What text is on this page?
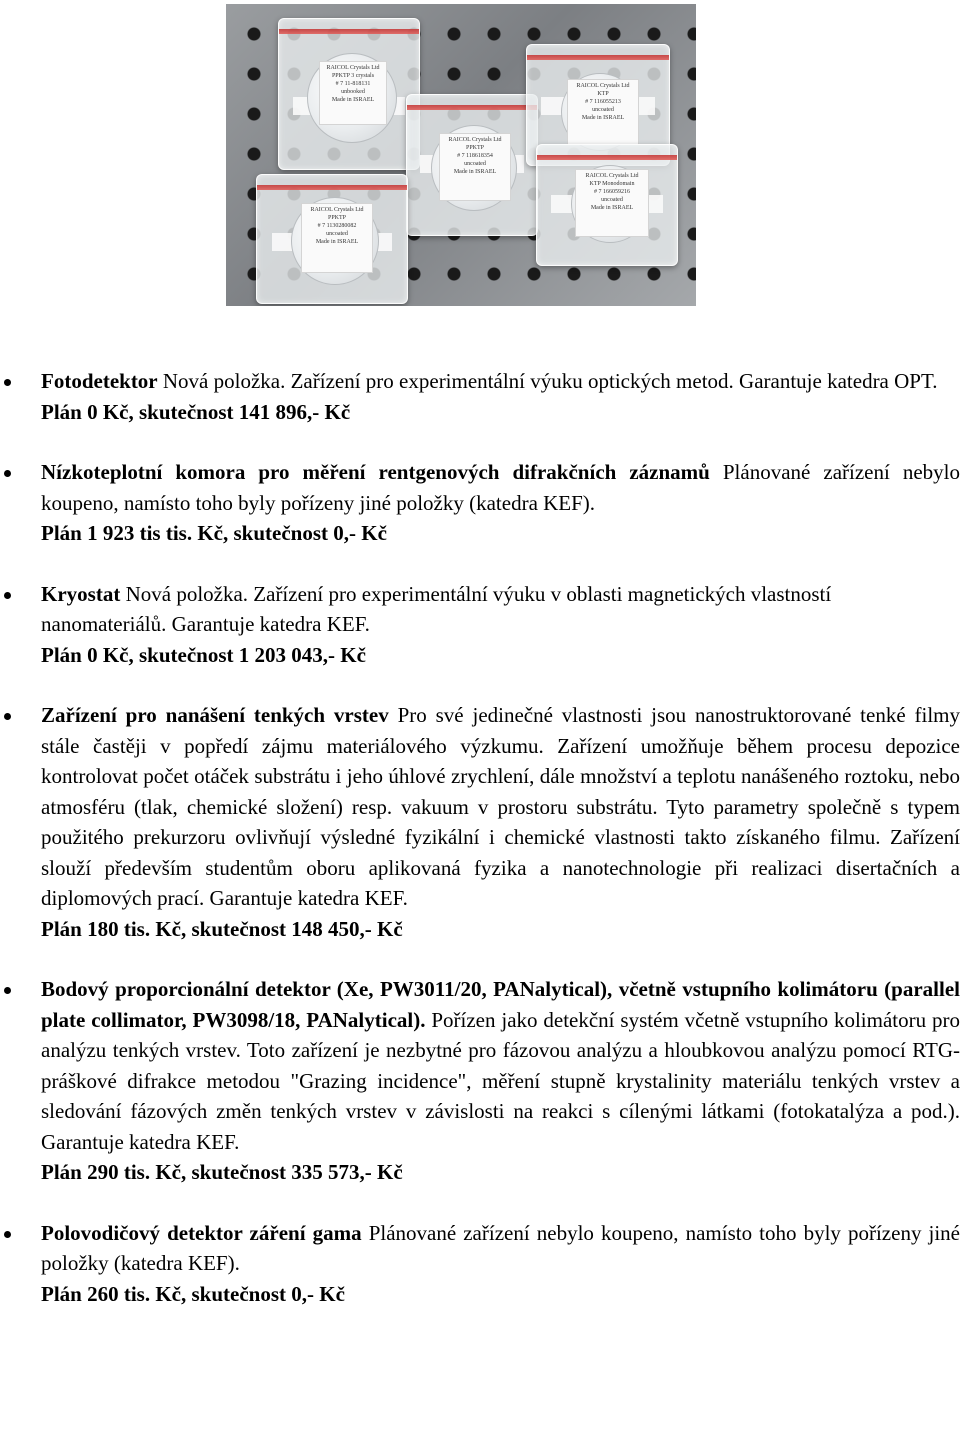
RAICOL Crystals Ltd
PPKTP 3 crystals
# 7 11-818131
unbooked
Made in ISRAEL
RAICOL Crystals Ltd
PPKTP
# 7 118618354
uncoated
Made in ISRAEL
RAICOL Crystals Ltd
KTP
# 7 116055213
uncoated
Made in ISRAEL
RAICOL Crystals Ltd
PPKTP
# 7 1130280082
uncoated
Made in ISRAEL
RAICOL Crystals Ltd
KTP Monodomain
# 7 166059216
uncoated
Made in ISRAEL

Fotodetektor Nová položka. Zařízení pro experimentální výuku optických metod. Garantuje katedra OPT.

Plán 0 Kč, skutečnost 141 896,- Kč

Nízkoteplotní komora pro měření rentgenových difrakčních záznamů Plánované zařízení nebylo koupeno, namísto toho byly pořízeny jiné položky (katedra KEF).

Plán 1 923 tis tis. Kč, skutečnost 0,- Kč

Kryostat Nová položka. Zařízení pro experimentální výuku v oblasti magnetických vlastností nanomateriálů. Garantuje katedra KEF.

Plán 0 Kč, skutečnost 1 203 043,- Kč

Zařízení pro nanášení tenkých vrstev Pro své jedinečné vlastnosti jsou nanostruktorované tenké filmy stále častěji v popředí zájmu materiálového výzkumu. Zařízení umožňuje během procesu depozice kontrolovat počet otáček substrátu i jeho úhlové zrychlení, dále množství a teplotu nanášeného roztoku, nebo atmosféru (tlak, chemické složení) resp. vakuum v prostoru substrátu. Tyto parametry společně s typem použitého prekurzoru ovlivňují výsledné fyzikální i chemické vlastnosti takto získaného filmu. Zařízení slouží především studentům oboru aplikovaná fyzika a nanotechnologie při realizaci disertačních a diplomových prací. Garantuje katedra KEF.

Plán 180 tis. Kč, skutečnost 148 450,- Kč

Bodový proporcionální detektor (Xe, PW3011/20, PANalytical), včetně vstupního kolimátoru (parallel plate collimator, PW3098/18, PANalytical). Pořízen jako detekční systém včetně vstupního kolimátoru pro analýzu tenkých vrstev. Toto zařízení je nezbytné pro fázovou analýzu a hloubkovou analýzu pomocí RTG-práškové difrakce metodou "Grazing incidence", měření stupně krystalinity materiálu tenkých vrstev a sledování fázových změn tenkých vrstev v závislosti na reakci s cílenými látkami (fotokatalýza a pod.). Garantuje katedra KEF.

Plán 290 tis. Kč, skutečnost 335 573,- Kč

Polovodičový detektor záření gama Plánované zařízení nebylo koupeno, namísto toho byly pořízeny jiné položky (katedra KEF).

Plán 260 tis. Kč, skutečnost 0,- Kč
